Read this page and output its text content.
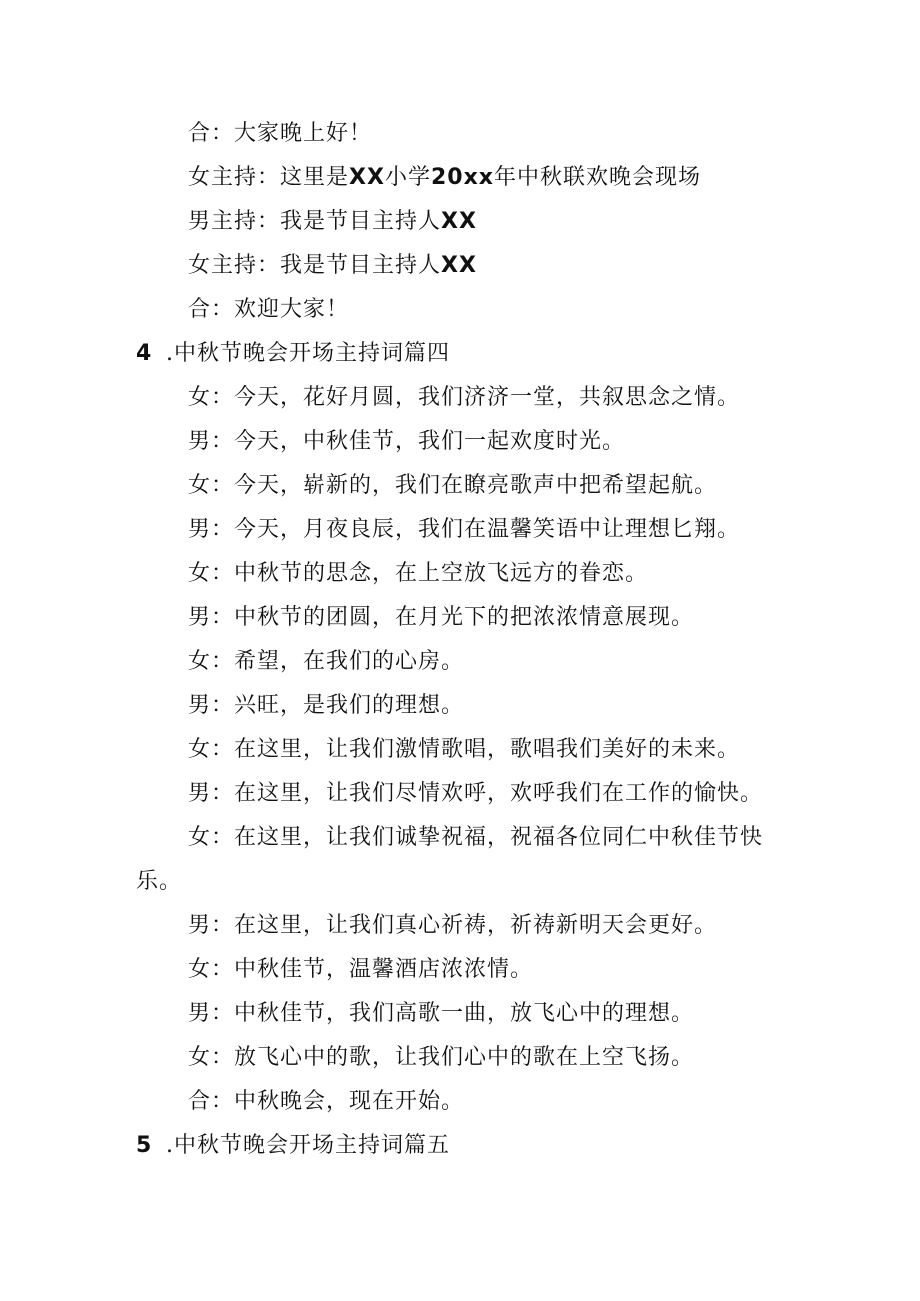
合：大家晚上好！
女主持：这里是XX小学20xx年中秋联欢晚会现场
男主持：我是节目主持人XX
女主持：我是节目主持人XX
合：欢迎大家！
4 .中秋节晚会开场主持词篇四
女：今天，花好月圆，我们济济一堂，共叙思念之情。
男：今天，中秋佳节，我们一起欢度时光。
女：今天，崭新的，我们在瞭亮歌声中把希望起航。
男：今天，月夜良辰，我们在温馨笑语中让理想匕翔。
女：中秋节的思念，在上空放飞远方的眷恋。
男：中秋节的团圆，在月光下的把浓浓情意展现。
女：希望，在我们的心房。
男：兴旺，是我们的理想。
女：在这里，让我们激情歌唱，歌唱我们美好的未来。
男：在这里，让我们尽情欢呼，欢呼我们在工作的愉快。
女：在这里，让我们诚挚祝福，祝福各位同仁中秋佳节快
乐。
男：在这里，让我们真心祈祷，祈祷新明天会更好。
女：中秋佳节，温馨酒店浓浓情。
男：中秋佳节，我们高歌一曲，放飞心中的理想。
女：放飞心中的歌，让我们心中的歌在上空飞扬。
合：中秋晚会，现在开始。
5 .中秋节晚会开场主持词篇五
